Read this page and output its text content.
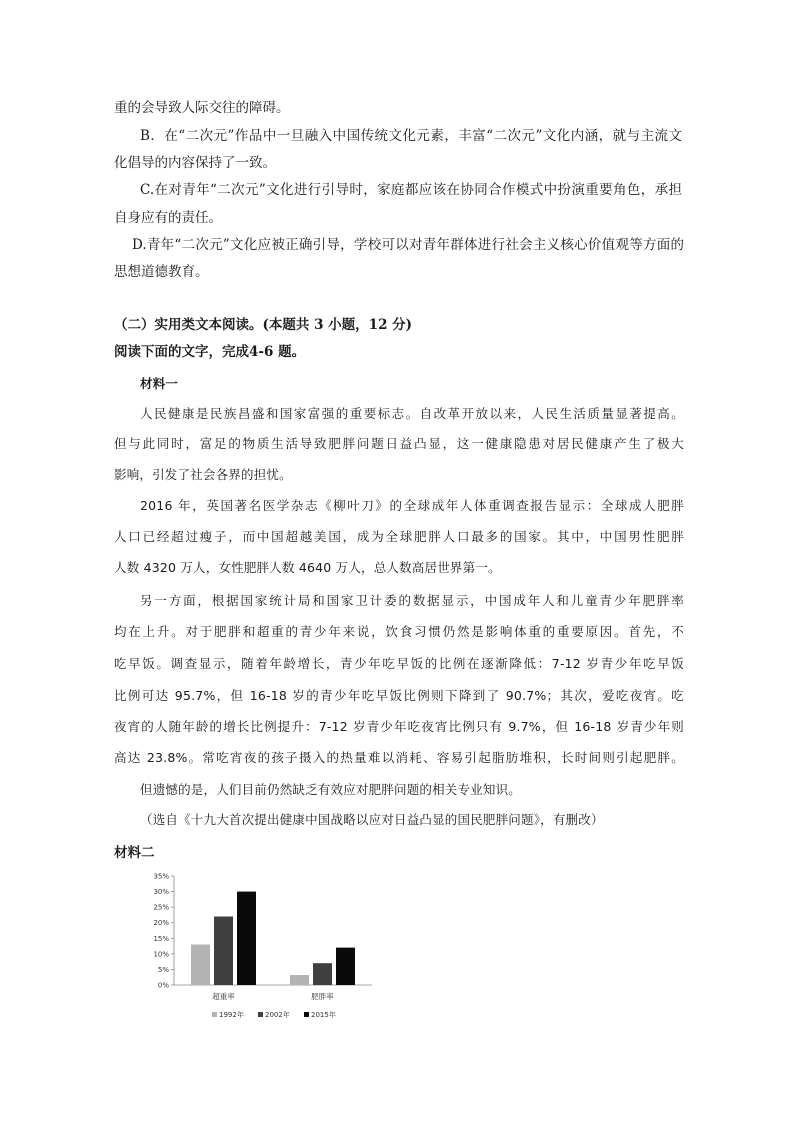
重的会导致人际交往的障碍。
B．在“二次元”作品中一旦融入中国传统文化元素，丰富“二次元”文化内涵，就与主流文
化倡导的内容保持了一致。
C.在对青年“二次元”文化进行引导时，家庭都应该在协同合作模式中扮演重要角色，承担
自身应有的责任。
D.青年“二次元”文化应被正确引导，学校可以对青年群体进行社会主义核心价值观等方面的
思想道德教育。
（二）实用类文本阅读。(本题共 3 小题，12 分)
阅读下面的文字，完成4-6 题。
材料一
人民健康是民族昌盛和国家富强的重要标志。自改革开放以来，人民生活质量显著提高。
但与此同时，富足的物质生活导致肥胖问题日益凸显，这一健康隐患对居民健康产生了极大
影响，引发了社会各界的担忧。
2016 年，英国著名医学杂志《柳叶刀》的全球成年人体重调查报告显示：全球成人肥胖
人口已经超过瘦子，而中国超越美国，成为全球肥胖人口最多的国家。其中，中国男性肥胖
人数 4320 万人，女性肥胖人数 4640 万人，总人数高居世界第一。
另一方面，根据国家统计局和国家卫计委的数据显示，中国成年人和儿童青少年肥胖率
均在上升。对于肥胖和超重的青少年来说，饮食习惯仍然是影响体重的重要原因。首先，不
吃早饭。调查显示，随着年龄增长，青少年吃早饭的比例在逐渐降低：7-12 岁青少年吃早饭
比例可达 95.7%，但 16-18 岁的青少年吃早饭比例则下降到了 90.7%；其次，爱吃夜宵。吃
夜宵的人随年龄的增长比例提升：7-12 岁青少年吃夜宵比例只有 9.7%，但 16-18 岁青少年则
高达 23.8%。常吃宵夜的孩子摄入的热量难以消耗、容易引起脂肪堆积，长时间则引起肥胖。
但遗憾的是，人们目前仍然缺乏有效应对肥胖问题的相关专业知识。
（选自《十九大首次提出健康中国战略以应对日益凸显的国民肥胖问题》，有删改）
材料二
0%
5%
10%
15%
20%
25%
30%
35%
超重率	肥胖率
1992年	2002年	2015年
